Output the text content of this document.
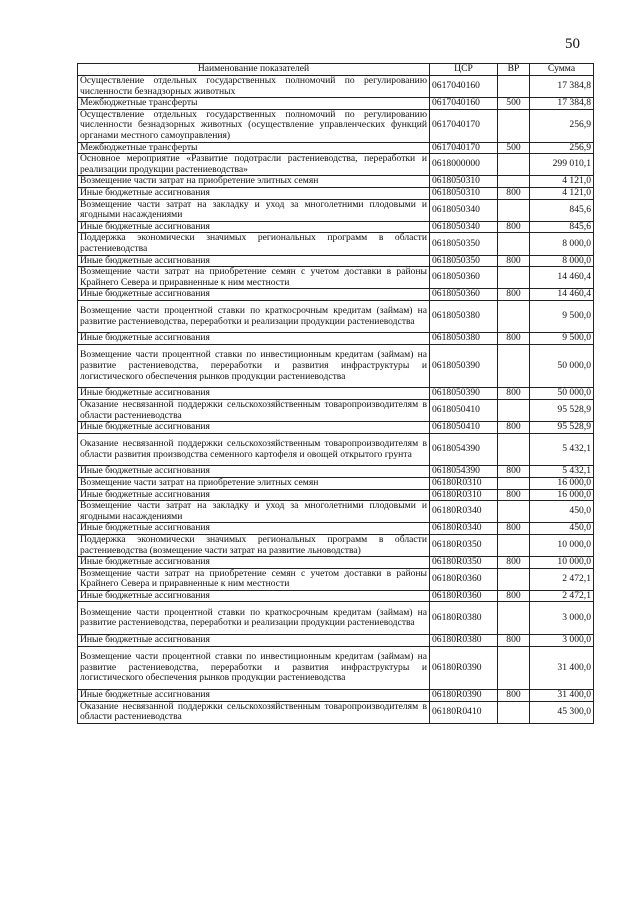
50
Наименование показателей	ЦСР	ВР	Сумма
Осуществление отдельных государственных полномочий по регулированию численности безнадзорных животных	0617040160		17 384,8
Межбюджетные трансферты	0617040160	500	17 384,8
Осуществление отдельных государственных полномочий по регулированию численности безнадзорных животных (осуществление управленческих функций органами местного самоуправления)	0617040170		256,9
Межбюджетные трансферты	0617040170	500	256,9
Основное мероприятие «Развитие подотрасли растениеводства, переработки и реализации продукции растениеводства»	0618000000		299 010,1
Возмещение части затрат на приобретение элитных семян	0618050310		4 121,0
Иные бюджетные ассигнования	0618050310	800	4 121,0
Возмещение части затрат на закладку и уход за многолетними плодовыми и ягодными насаждениями	0618050340		845,6
Иные бюджетные ассигнования	0618050340	800	845,6
Поддержка экономически значимых региональных программ в области растениеводства	0618050350		8 000,0
Иные бюджетные ассигнования	0618050350	800	8 000,0
Возмещение части затрат на приобретение семян с учетом доставки в районы Крайнего Севера и приравненные к ним местности	0618050360		14 460,4
Иные бюджетные ассигнования	0618050360	800	14 460,4
Возмещение части процентной ставки по краткосрочным кредитам (займам) на развитие растениеводства, переработки и реализации продукции растениеводства	0618050380		9 500,0
Иные бюджетные ассигнования	0618050380	800	9 500,0
Возмещение части процентной ставки по инвестиционным кредитам (займам) на развитие растениеводства, переработки и развития инфраструктуры и логистического обеспечения рынков продукции растениеводства	0618050390		50 000,0
Иные бюджетные ассигнования	0618050390	800	50 000,0
Оказание несвязанной поддержки сельскохозяйственным товаропроизводителям в области растениеводства	0618050410		95 528,9
Иные бюджетные ассигнования	0618050410	800	95 528,9
Оказание несвязанной поддержки сельскохозяйственным товаропроизводителям в области развития производства семенного картофеля и овощей открытого грунта	0618054390		5 432,1
Иные бюджетные ассигнования	0618054390	800	5 432,1
Возмещение части затрат на приобретение элитных семян	06180R0310		16 000,0
Иные бюджетные ассигнования	06180R0310	800	16 000,0
Возмещение части затрат на закладку и уход за многолетними плодовыми и ягодными насаждениями	06180R0340		450,0
Иные бюджетные ассигнования	06180R0340	800	450,0
Поддержка экономически значимых региональных программ в области растениеводства (возмещение части затрат на развитие льноводства)	06180R0350		10 000,0
Иные бюджетные ассигнования	06180R0350	800	10 000,0
Возмещение части затрат на приобретение семян с учетом доставки в районы Крайнего Севера и приравненные к ним местности	06180R0360		2 472,1
Иные бюджетные ассигнования	06180R0360	800	2 472,1
Возмещение части процентной ставки по краткосрочным кредитам (займам) на развитие растениеводства, переработки и реализации продукции растениеводства	06180R0380		3 000,0
Иные бюджетные ассигнования	06180R0380	800	3 000,0
Возмещение части процентной ставки по инвестиционным кредитам (займам) на развитие растениеводства, переработки и развития инфраструктуры и логистического обеспечения рынков продукции растениеводства	06180R0390		31 400,0
Иные бюджетные ассигнования	06180R0390	800	31 400,0
Оказание несвязанной поддержки сельскохозяйственным товаропроизводителям в области растениеводства	06180R0410		45 300,0
